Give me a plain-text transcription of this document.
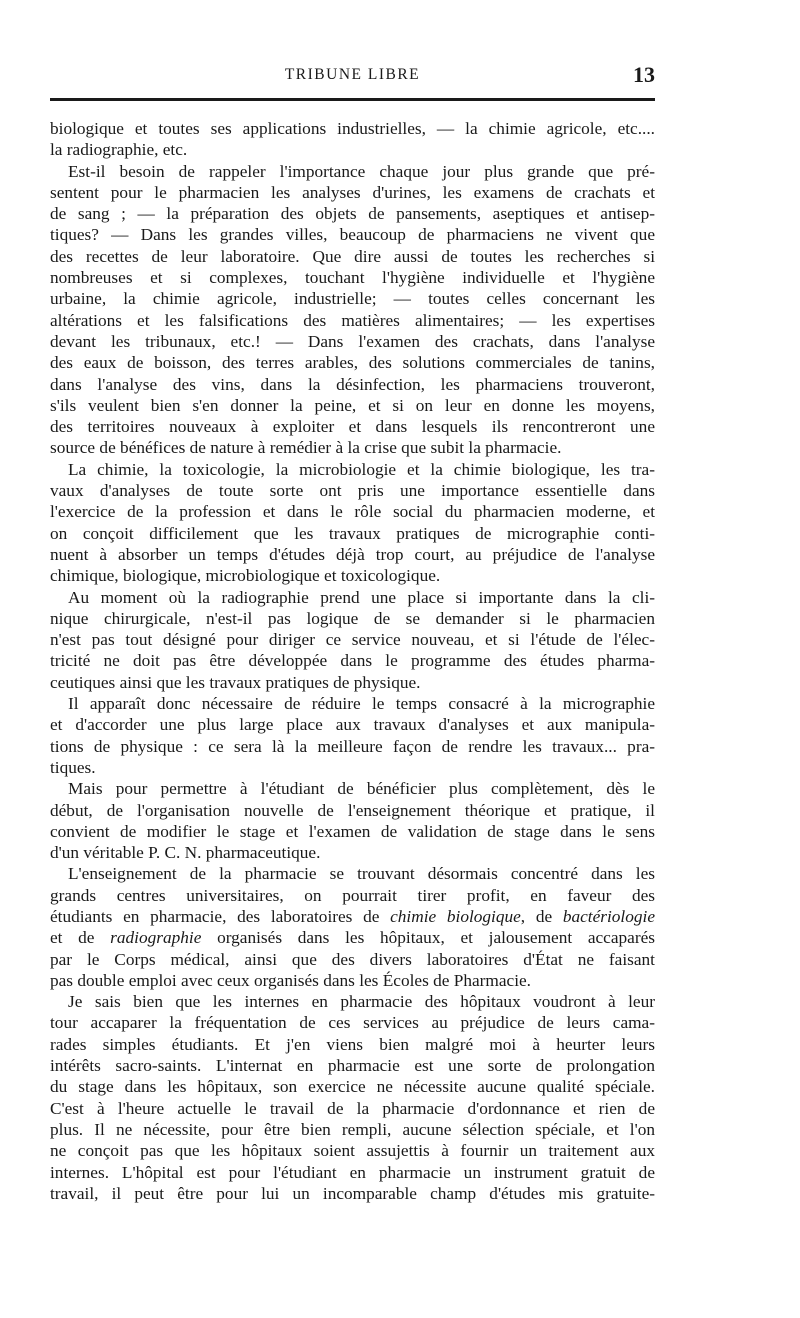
TRIBUNE LIBRE	13

biologique et toutes ses applications industrielles, — la chimie agricole, etc....
la radiographie, etc.

Est-il besoin de rappeler l'importance chaque jour plus grande que pré-
sentent pour le pharmacien les analyses d'urines, les examens de crachats et
de sang ; — la préparation des objets de pansements, aseptiques et antisep-
tiques? — Dans les grandes villes, beaucoup de pharmaciens ne vivent que
des recettes de leur laboratoire. Que dire aussi de toutes les recherches si
nombreuses et si complexes, touchant l'hygiène individuelle et l'hygiène
urbaine, la chimie agricole, industrielle; — toutes celles concernant les
altérations et les falsifications des matières alimentaires; — les expertises
devant les tribunaux, etc.! — Dans l'examen des crachats, dans l'analyse
des eaux de boisson, des terres arables, des solutions commerciales de tanins,
dans l'analyse des vins, dans la désinfection, les pharmaciens trouveront,
s'ils veulent bien s'en donner la peine, et si on leur en donne les moyens,
des territoires nouveaux à exploiter et dans lesquels ils rencontreront une
source de bénéfices de nature à remédier à la crise que subit la pharmacie.

La chimie, la toxicologie, la microbiologie et la chimie biologique, les tra-
vaux d'analyses de toute sorte ont pris une importance essentielle dans
l'exercice de la profession et dans le rôle social du pharmacien moderne, et
on conçoit difficilement que les travaux pratiques de micrographie conti-
nuent à absorber un temps d'études déjà trop court, au préjudice de l'analyse
chimique, biologique, microbiologique et toxicologique.

Au moment où la radiographie prend une place si importante dans la cli-
nique chirurgicale, n'est-il pas logique de se demander si le pharmacien
n'est pas tout désigné pour diriger ce service nouveau, et si l'étude de l'élec-
tricité ne doit pas être développée dans le programme des études pharma-
ceutiques ainsi que les travaux pratiques de physique.

Il apparaît donc nécessaire de réduire le temps consacré à la micrographie
et d'accorder une plus large place aux travaux d'analyses et aux manipula-
tions de physique : ce sera là la meilleure façon de rendre les travaux... pra-
tiques.

Mais pour permettre à l'étudiant de bénéficier plus complètement, dès le
début, de l'organisation nouvelle de l'enseignement théorique et pratique, il
convient de modifier le stage et l'examen de validation de stage dans le sens
d'un véritable P. C. N. pharmaceutique.

L'enseignement de la pharmacie se trouvant désormais concentré dans les
grands centres universitaires, on pourrait tirer profit, en faveur des
étudiants en pharmacie, des laboratoires de chimie biologique, de bactériologie
et de radiographie organisés dans les hôpitaux, et jalousement accaparés
par le Corps médical, ainsi que des divers laboratoires d'État ne faisant
pas double emploi avec ceux organisés dans les Écoles de Pharmacie.

Je sais bien que les internes en pharmacie des hôpitaux voudront à leur
tour accaparer la fréquentation de ces services au préjudice de leurs cama-
rades simples étudiants. Et j'en viens bien malgré moi à heurter leurs
intérêts sacro-saints. L'internat en pharmacie est une sorte de prolongation
du stage dans les hôpitaux, son exercice ne nécessite aucune qualité spéciale.
C'est à l'heure actuelle le travail de la pharmacie d'ordonnance et rien de
plus. Il ne nécessite, pour être bien rempli, aucune sélection spéciale, et l'on
ne conçoit pas que les hôpitaux soient assujettis à fournir un traitement aux
internes. L'hôpital est pour l'étudiant en pharmacie un instrument gratuit de
travail, il peut être pour lui un incomparable champ d'études mis gratuite-
